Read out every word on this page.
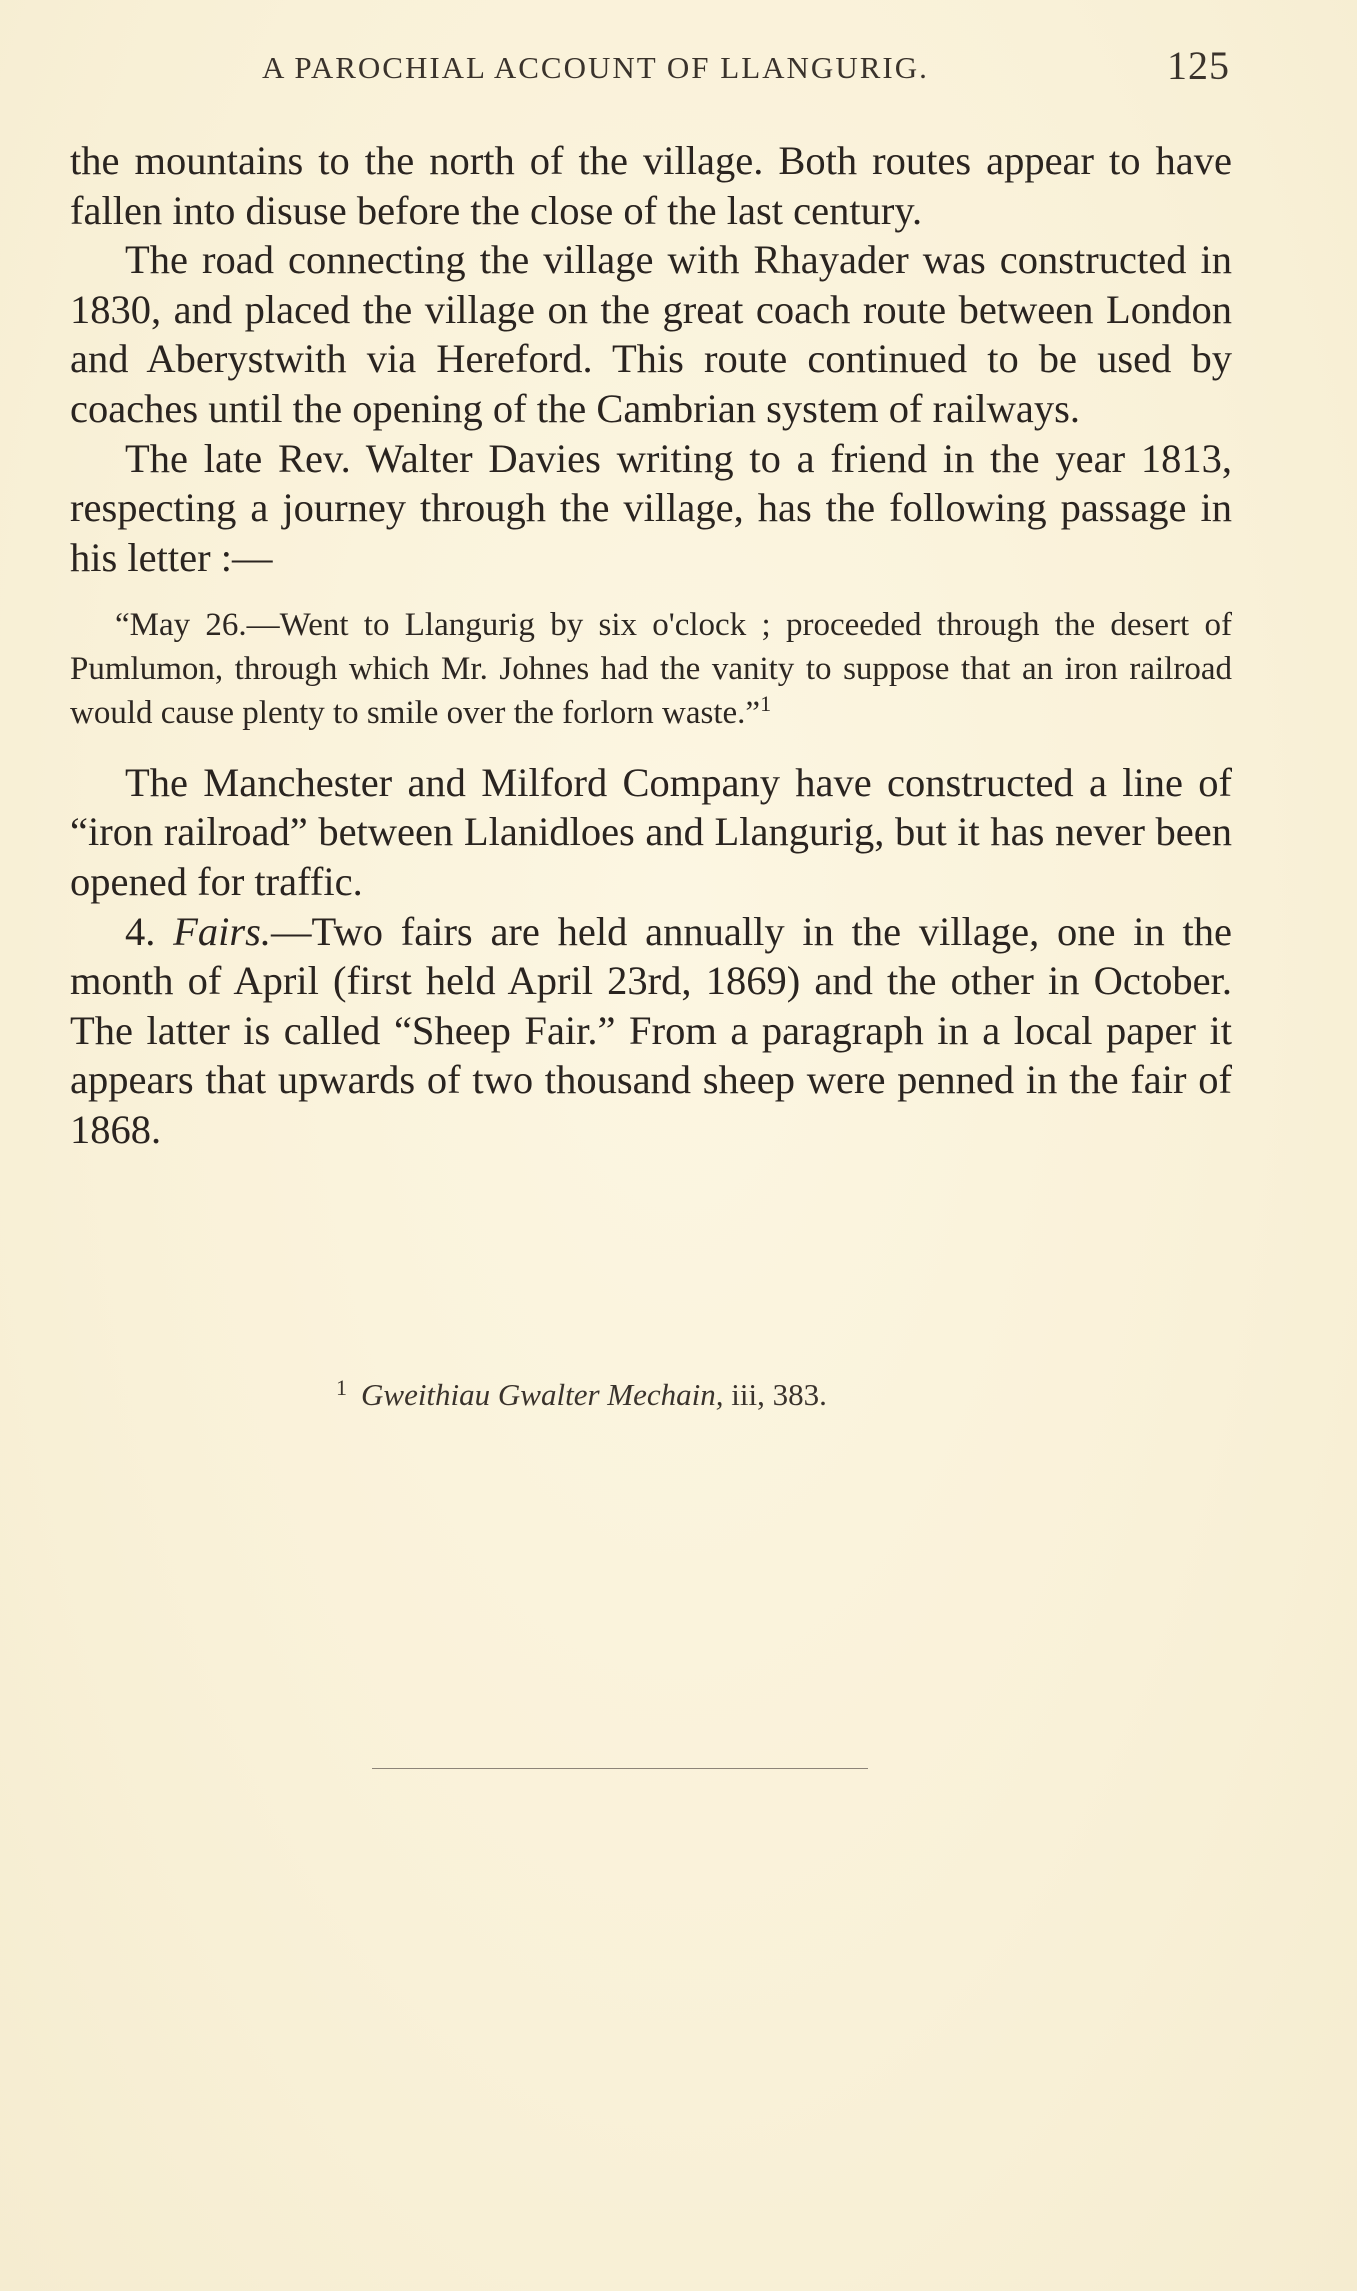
A PAROCHIAL ACCOUNT OF LLANGURIG.	125

the mountains to the north of the village. Both routes appear to have fallen into disuse before the close of the last century.

The road connecting the village with Rhayader was constructed in 1830, and placed the village on the great coach route between London and Aberystwith via Hereford. This route continued to be used by coaches until the opening of the Cambrian system of railways.

The late Rev. Walter Davies writing to a friend in the year 1813, respecting a journey through the village, has the following passage in his letter :—

“May 26.—Went to Llangurig by six o'clock ; proceeded through the desert of Pumlumon, through which Mr. Johnes had the vanity to suppose that an iron railroad would cause plenty to smile over the forlorn waste.”$^1$

The Manchester and Milford Company have constructed a line of “iron railroad” between Llanidloes and Llangurig, but it has never been opened for traffic.

4. Fairs.—Two fairs are held annually in the village, one in the month of April (first held April 23rd, 1869) and the other in October. The latter is called “Sheep Fair.” From a paragraph in a local paper it appears that upwards of two thousand sheep were penned in the fair of 1868.

$^1$ Gweithiau Gwalter Mechain, iii, 383.
